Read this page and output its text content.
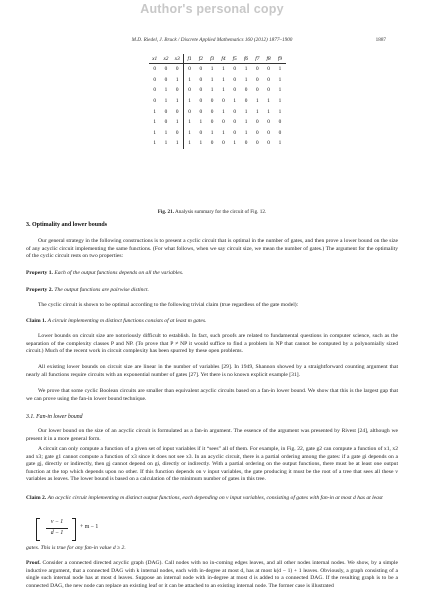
Author's personal copy
M.D. Riedel, J. Bruck / Discrete Applied Mathematics 160 (2012) 1877–1900	1887
x1	x2	x3	f1	f2	f3	f4	f5	f6	f7	f8	f9
0	0	0	0	0	1	1	0	1	0	0	1
0	0	1	1	0	1	1	0	1	0	0	1
0	1	0	0	0	1	1	0	0	0	0	1
0	1	1	1	0	0	0	1	0	1	1	1
1	0	0	0	0	0	1	0	1	1	1	1
1	0	1	1	1	0	0	0	1	0	0	0
1	1	0	1	0	1	1	0	1	0	0	0
1	1	1	1	1	0	0	1	0	0	0	1
Fig. 21. Analysis summary for the circuit of Fig. 12.
3. Optimality and lower bounds

Our general strategy in the following constructions is to present a cyclic circuit that is optimal in the number of gates, and then prove a lower bound on the size of any acyclic circuit implementing the same functions. (For what follows, when we say circuit size, we mean the number of gates.) The argument for the optimality of the cyclic circuit rests on two properties:

Property 1. Each of the output functions depends on all the variables.

Property 2. The output functions are pairwise distinct.

The cyclic circuit is shown to be optimal according to the following trivial claim (true regardless of the gate model):

Claim 1. A circuit implementing m distinct functions consists of at least m gates.

Lower bounds on circuit size are notoriously difficult to establish. In fact, such proofs are related to fundamental questions in computer science, such as the separation of the complexity classes P and NP. (To prove that P ≠ NP it would suffice to find a problem in NP that cannot be computed by a polynomially sized circuit.) Much of the recent work in circuit complexity has been spurred by these open problems.

All existing lower bounds on circuit size are linear in the number of variables [29]. In 1949, Shannon showed by a straightforward counting argument that nearly all functions require circuits with an exponential number of gates [27]. Yet there is no known explicit example [31].

We prove that some cyclic Boolean circuits are smaller than equivalent acyclic circuits based on a fan-in lower bound. We show that this is the largest gap that we can prove using the fan-in lower bound technique.

3.1. Fan-in lower bound

Our lower bound on the size of an acyclic circuit is formulated as a fan-in argument. The essence of the argument was presented by Rivest [24], although we present it in a more general form.

A circuit can only compute a function of a given set of input variables if it “sees” all of them. For example, in Fig. 22, gate g2 can compute a function of x1, x2 and x3; gate g1 cannot compute a function of x3 since it does not see x3. In an acyclic circuit, there is a partial ordering among the gates: if a gate gi depends on a gate gj, directly or indirectly, then gj cannot depend on gi, directly or indirectly. With a partial ordering on the output functions, there must be at least one output function at the top which depends upon no other. If this function depends on v input variables, the gate producing it must be the root of a tree that sees all these v variables as leaves. The lower bound is based on a calculation of the minimum number of gates in this tree.

Claim 2. An acyclic circuit implementing m distinct output functions, each depending on v input variables, consisting of gates with fan-in at most d has at least

v − 1
d − 1
+ m − 1

gates. This is true for any fan-in value d ≥ 2.

Proof. Consider a connected directed acyclic graph (DAG). Call nodes with no in-coming edges leaves, and all other nodes internal nodes. We show, by a simple inductive argument, that a connected DAG with k internal nodes, each with in-degree at most d, has at most k(d − 1) + 1 leaves. Obviously, a graph consisting of a single such internal node has at most d leaves. Suppose an internal node with in-degree at most d is added to a connected DAG. If the resulting graph is to be a connected DAG, the new node can replace an existing leaf or it can be attached to an existing internal node. The former case is illustrated
